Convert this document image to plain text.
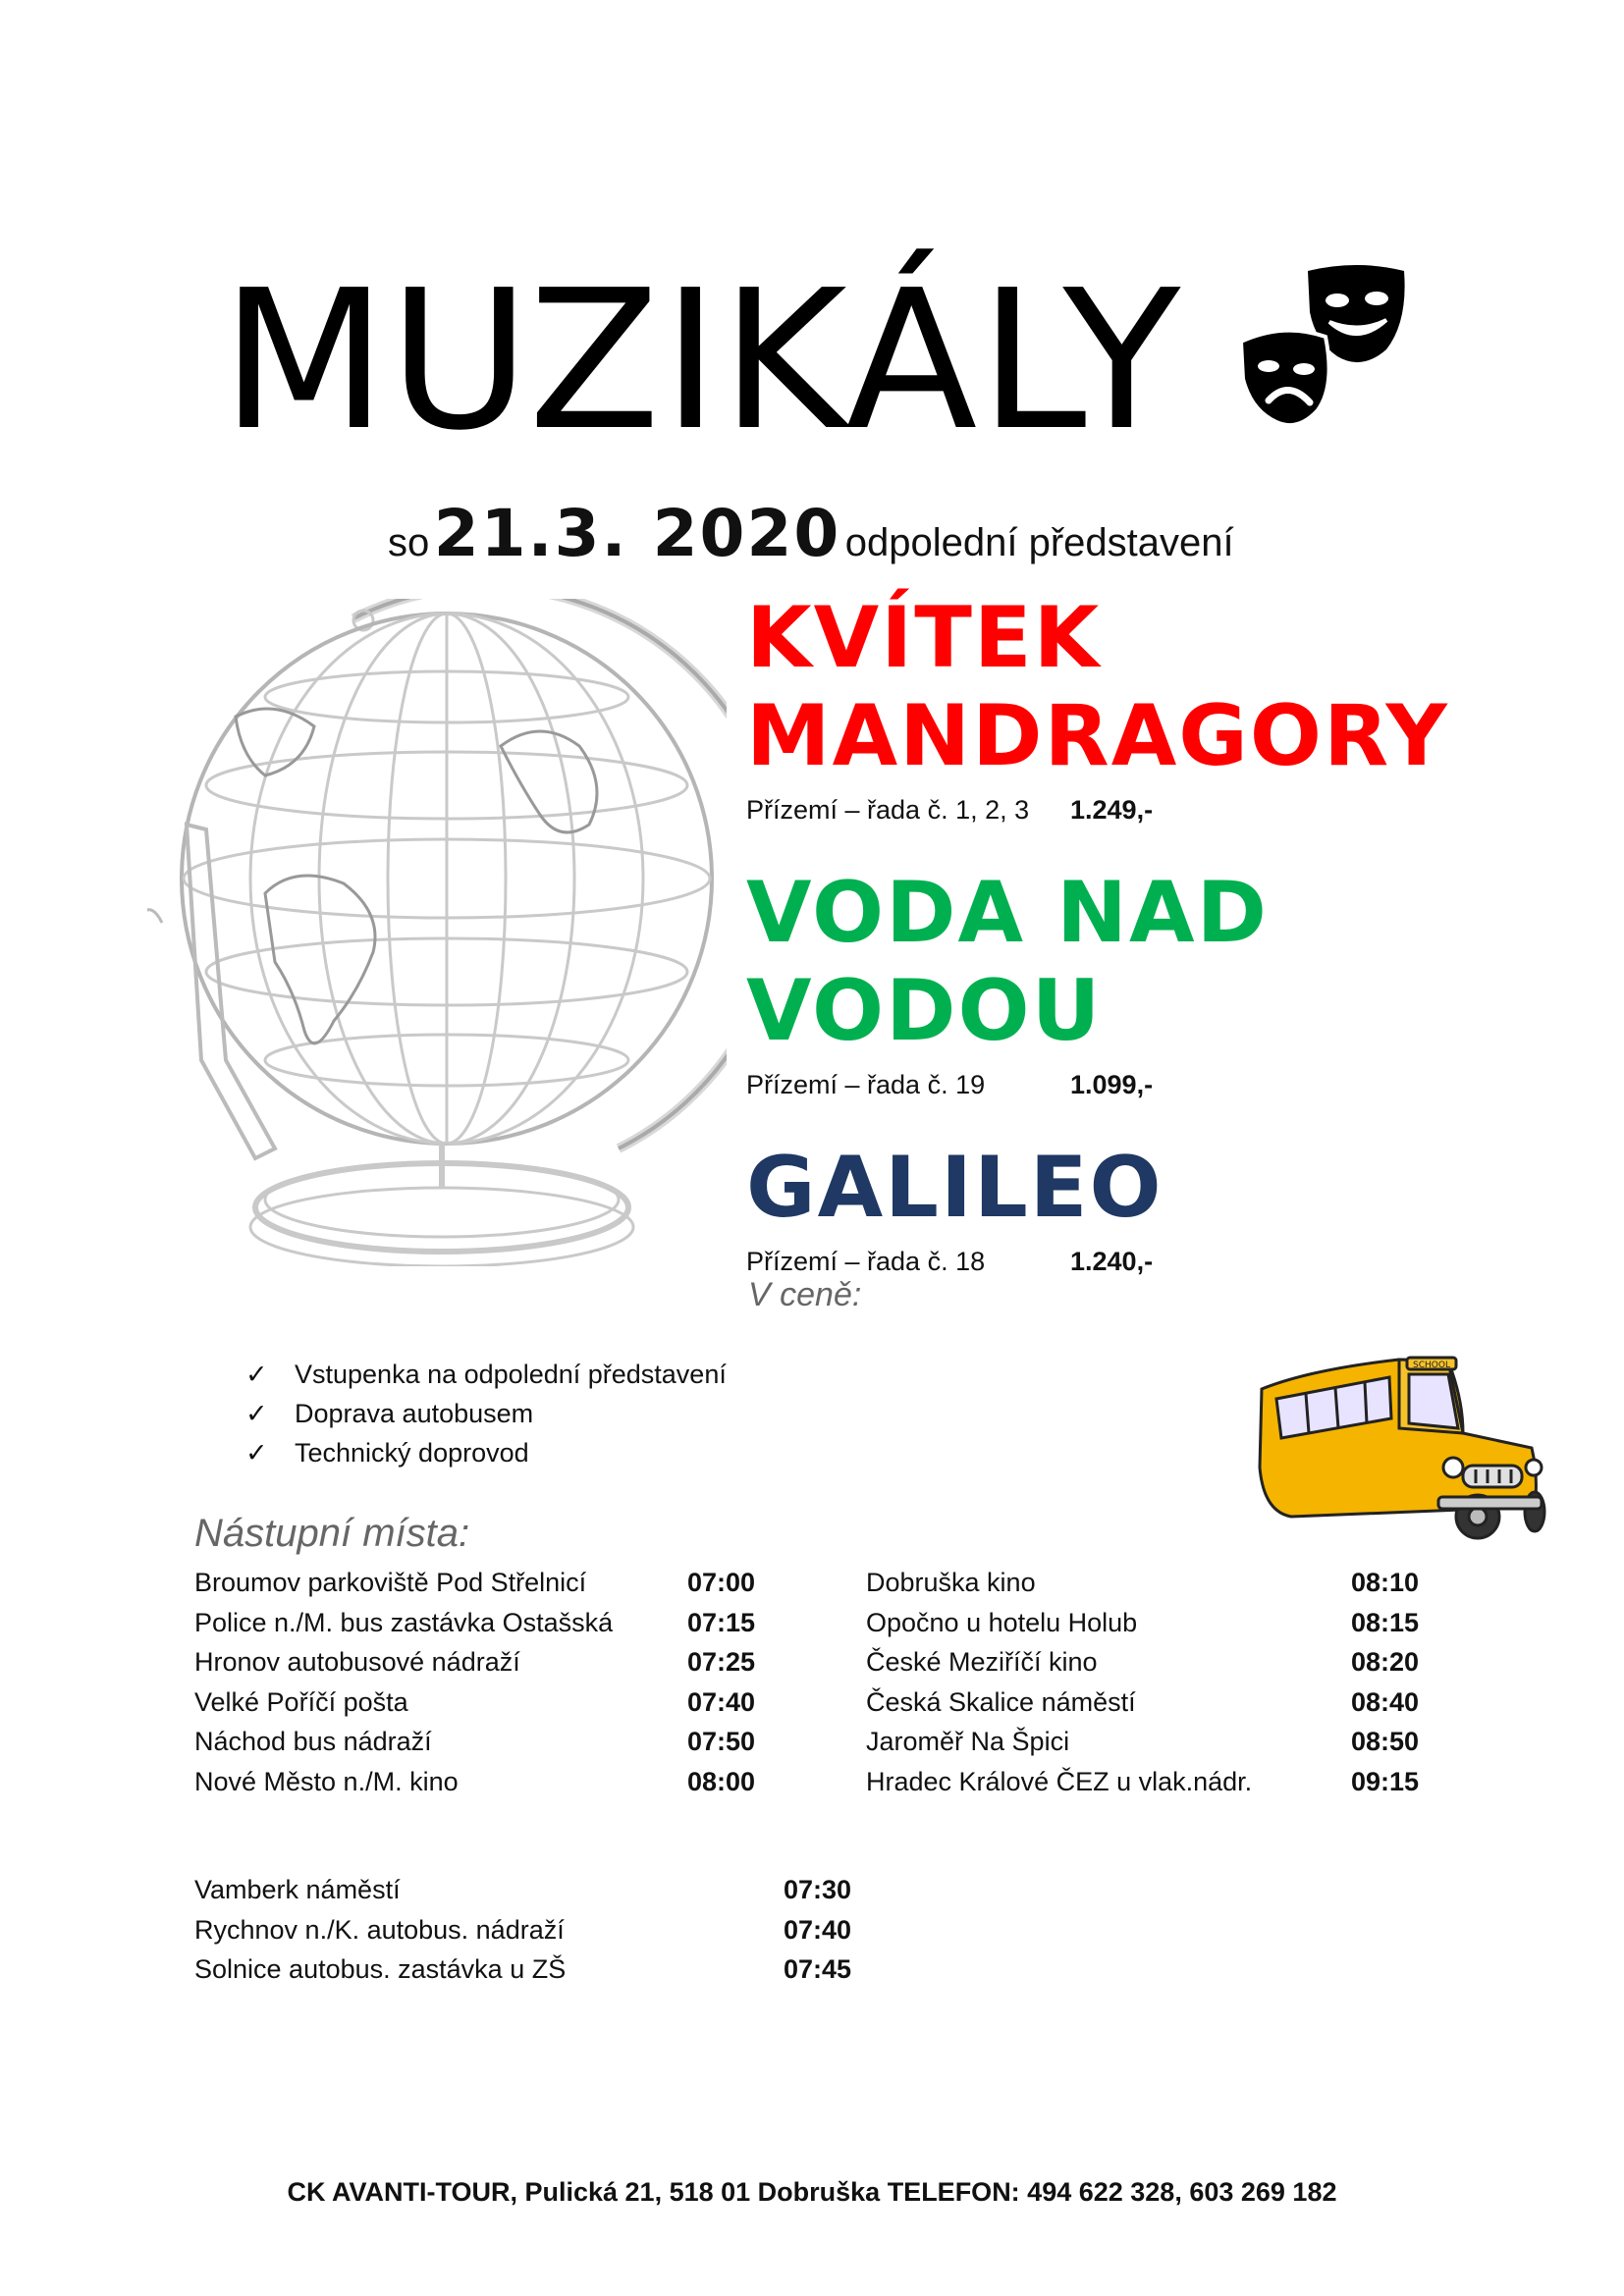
MUZIKÁLY
so 21.3. 2020 odpolední představení
KVÍTEK
MANDRAGORY
Přízemí – řada č. 1, 2, 3 1.249,-
VODA NAD
VODOU
Přízemí – řada č. 19	1.099,-
GALILEO
Přízemí – řada č. 18	1.240,-
V ceně:
✓ Vstupenka na odpolední představení
✓ Doprava autobusem
✓ Technický doprovod
SCHOOL
Nástupní místa:
Broumov parkoviště Pod Střelnicí	07:00
Police n./M. bus zastávka Ostašská	07:15
Hronov autobusové nádraží	07:25
Velké Poříčí pošta	07:40
Náchod bus nádraží	07:50
Nové Město n./M. kino	08:00
Dobruška kino	08:10
Opočno u hotelu Holub	08:15
České Meziříčí kino	08:20
Česká Skalice náměstí	08:40
Jaroměř Na Špici	08:50
Hradec Králové ČEZ u vlak.nádr.	09:15
Vamberk náměstí	07:30
Rychnov n./K. autobus. nádraží	07:40
Solnice autobus. zastávka u ZŠ	07:45
CK AVANTI-TOUR, Pulická 21, 518 01 Dobruška TELEFON: 494 622 328, 603 269 182
